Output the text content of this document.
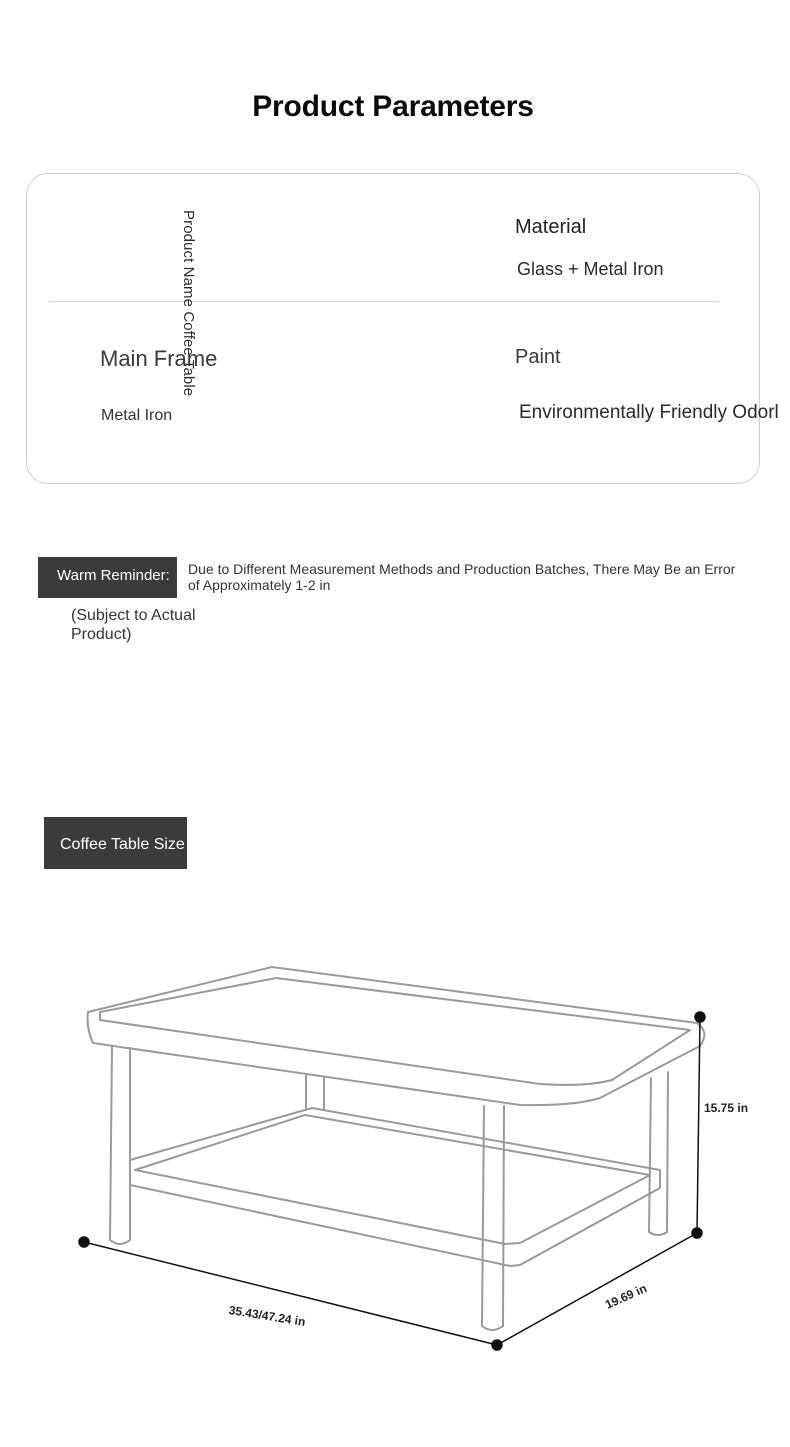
Product Parameters
Product Name Coffee Table	Material
Glass + Metal Iron
Main Frame
Metal Iron
Paint
Environmentally Friendly Odorl
Warm Reminder:	Due to Different Measurement Methods and Production Batches, There May Be an Error of Approximately 1-2 in
(Subject to Actual Product)
Coffee Table Size
15.75 in
35.43/47.24 in
19.69 in
